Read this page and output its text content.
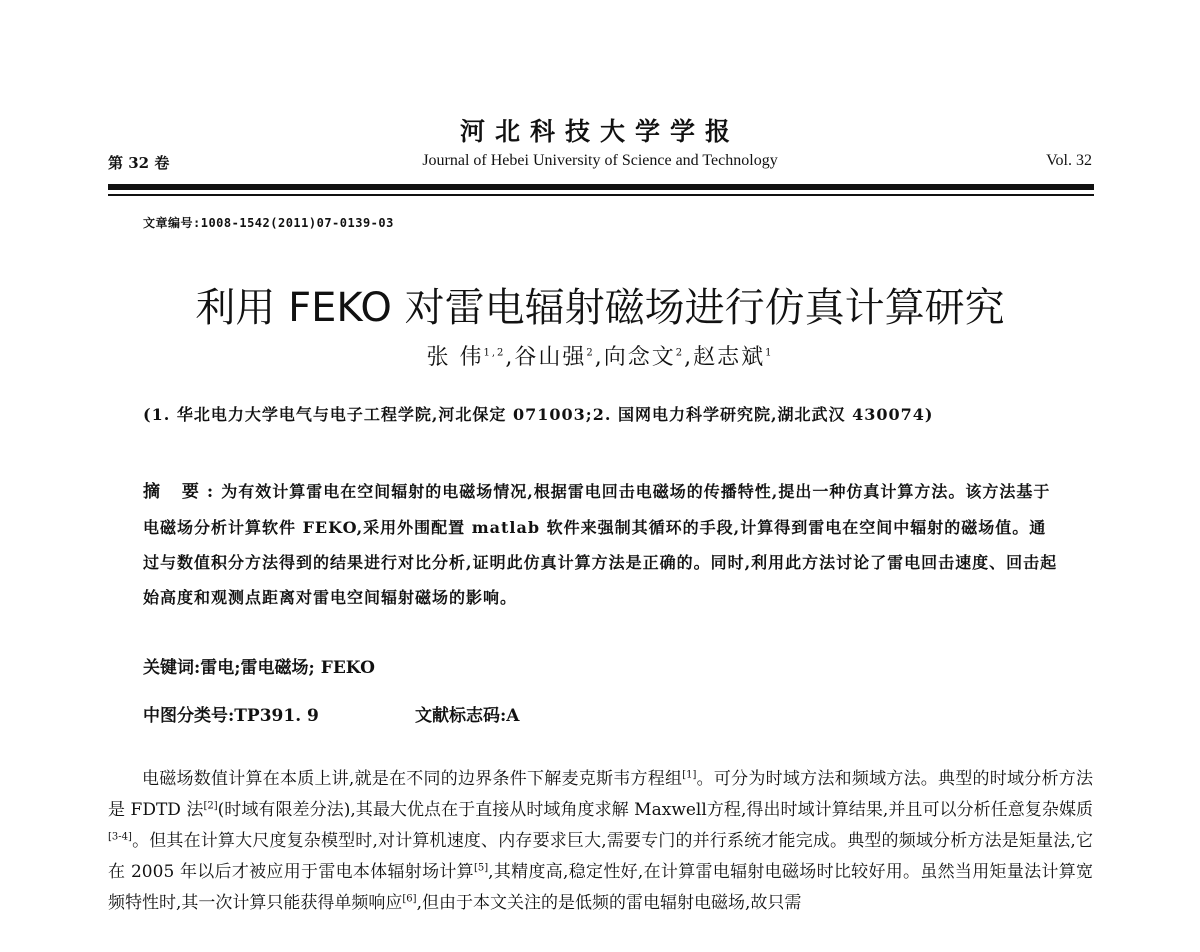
河北科技大学学报
第 32 卷	Journal of Hebei University of Science and Technology	Vol. 32
文章编号:1008-1542(2011)07-0139-03
利用 FEKO 对雷电辐射磁场进行仿真计算研究
张 伟$^{1,2}$,谷山强$^2$,向念文$^2$,赵志斌$^1$
(1. 华北电力大学电气与电子工程学院,河北保定 071003;2. 国网电力科学研究院,湖北武汉 430074)
摘 要:为有效计算雷电在空间辐射的电磁场情况,根据雷电回击电磁场的传播特性,提出一种仿真计算方法。该方法基于电磁场分析计算软件 FEKO,采用外围配置 matlab 软件来强制其循环的手段,计算得到雷电在空间中辐射的磁场值。通过与数值积分方法得到的结果进行对比分析,证明此仿真计算方法是正确的。同时,利用此方法讨论了雷电回击速度、回击起始高度和观测点距离对雷电空间辐射磁场的影响。
关键词:雷电;雷电磁场; FEKO
中图分类号:TP391. 9	文献标志码:A

电磁场数值计算在本质上讲,就是在不同的边界条件下解麦克斯韦方程组[1]。可分为时域方法和频域方法。典型的时域分析方法是 FDTD 法[2](时域有限差分法),其最大优点在于直接从时域角度求解 Maxwell方程,得出时域计算结果,并且可以分析任意复杂媒质[3-4]。但其在计算大尺度复杂模型时,对计算机速度、内存要求巨大,需要专门的并行系统才能完成。典型的频域分析方法是矩量法,它在 2005 年以后才被应用于雷电本体辐射场计算[5],其精度高,稳定性好,在计算雷电辐射电磁场时比较好用。虽然当用矩量法计算宽频特性时,其一次计算只能获得单频响应[6],但由于本文关注的是低频的雷电辐射电磁场,故只需
